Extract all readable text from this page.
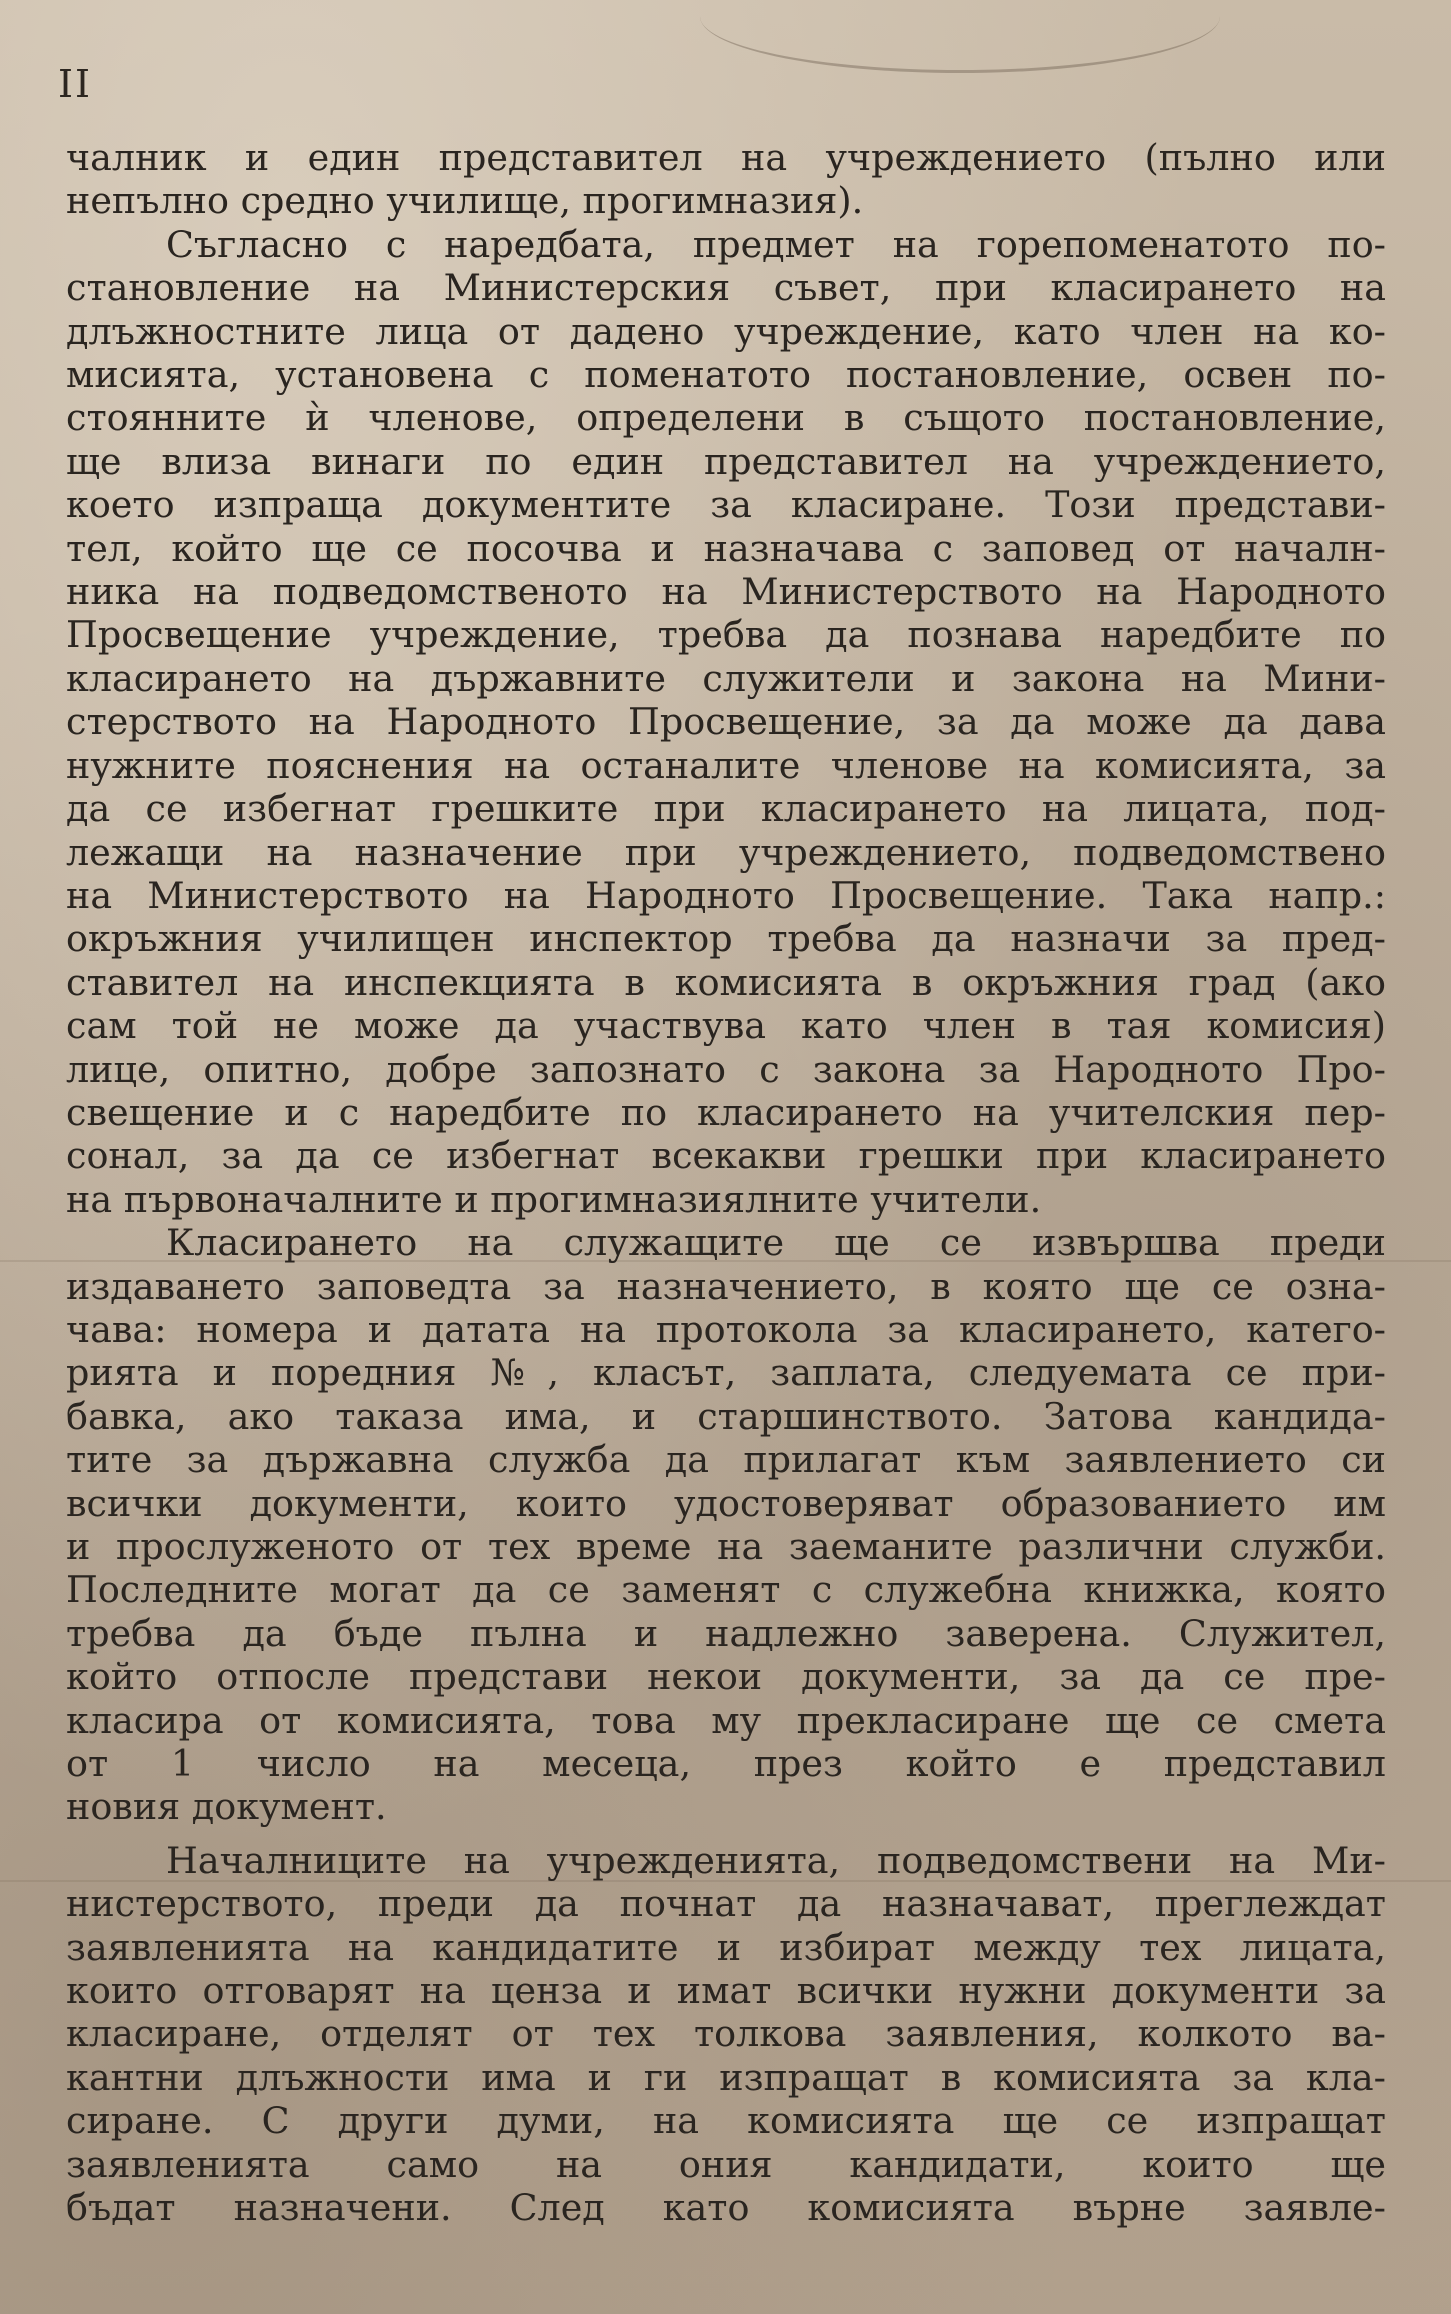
II
чалник и един представител на учреждението (пълно или
непълно средно училище, прогимназия).
Съгласно с наредбата, предмет на горепоменатото по-
становление на Министерския съвет, при класирането на
длъжностните лица от дадено учреждение, като член на ко-
мисията, установена с поменатото постановление, освен по-
стоянните ѝ членове, определени в същото постановление,
ще влиза винаги по един представител на учреждението,
което изпраща документите за класиране. Този представи-
тел, който ще се посочва и назначава с заповед от началн-
ника на подведомственото на Министерството на Народното
Просвещение учреждение, требва да познава наредбите по
класирането на държавните служители и закона на Мини-
стерството на Народното Просвещение, за да може да дава
нужните пояснения на останалите членове на комисията, за
да се избегнат грешките при класирането на лицата, под-
лежащи на назначение при учреждението, подведомствено
на Министерството на Народното Просвещение. Така напр.:
окръжния училищен инспектор требва да назначи за пред-
ставител на инспекцията в комисията в окръжния град (ако
сам той не може да участвува като член в тая комисия)
лице, опитно, добре запознато с закона за Народното Про-
свещение и с наредбите по класирането на учителския пер-
сонал, за да се избегнат всекакви грешки при класирането
на първоначалните и прогимназиялните учители.
Класирането на служащите ще се извършва преди
издаването заповедта за назначението, в която ще се озна-
чава: номера и датата на протокола за класирането, катего-
рията и поредния №, класът, заплата, следуемата се при-
бавка, ако таказа има, и старшинството. Затова кандида-
тите за държавна служба да прилагат към заявлението си
всички документи, които удостоверяват образованието им
и прослуженото от тех време на заеманите различни служби.
Последните могат да се заменят с служебна книжка, която
требва да бъде пълна и надлежно заверена. Служител,
който отпосле представи некои документи, за да се пре-
класира от комисията, това му прекласиране ще се смета
от 1 число на месеца, през който е представил
новия документ.
Началниците на учрежденията, подведомствени на Ми-
нистерството, преди да почнат да назначават, преглеждат
заявленията на кандидатите и избират между тех лицата,
които отговарят на ценза и имат всички нужни документи за
класиране, отделят от тех толкова заявления, колкото ва-
кантни длъжности има и ги изпращат в комисията за кла-
сиране. С други думи, на комисията ще се изпращат
заявленията само на ония кандидати, които ще
бъдат назначени. След като комисията върне заявле-
